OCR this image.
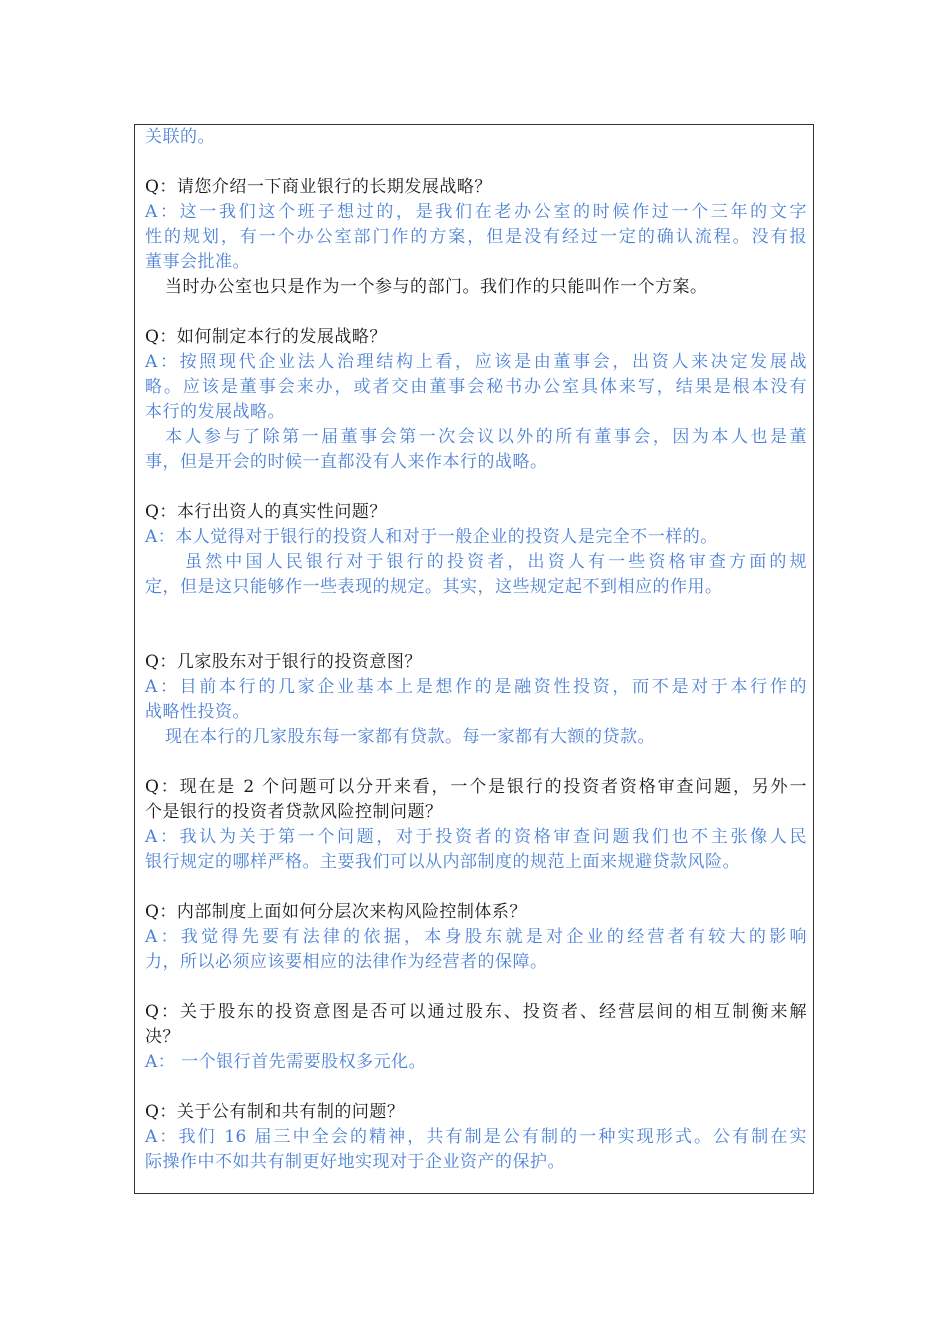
关联的。
Q：请您介绍一下商业银行的长期发展战略？
A：这一我们这个班子想过的，是我们在老办公室的时候作过一个三年的文字
性的规划，有一个办公室部门作的方案，但是没有经过一定的确认流程。没有报
董事会批准。
当时办公室也只是作为一个参与的部门。我们作的只能叫作一个方案。
Q：如何制定本行的发展战略？
A：按照现代企业法人治理结构上看，应该是由董事会，出资人来决定发展战
略。应该是董事会来办，或者交由董事会秘书办公室具体来写，结果是根本没有
本行的发展战略。
本人参与了除第一届董事会第一次会议以外的所有董事会，因为本人也是董
事，但是开会的时候一直都没有人来作本行的战略。
Q：本行出资人的真实性问题？
A：本人觉得对于银行的投资人和对于一般企业的投资人是完全不一样的。
虽然中国人民银行对于银行的投资者，出资人有一些资格审查方面的规
定，但是这只能够作一些表现的规定。其实，这些规定起不到相应的作用。
Q：几家股东对于银行的投资意图？
A：目前本行的几家企业基本上是想作的是融资性投资，而不是对于本行作的
战略性投资。
现在本行的几家股东每一家都有贷款。每一家都有大额的贷款。
Q：现在是 2 个问题可以分开来看，一个是银行的投资者资格审查问题，另外一
个是银行的投资者贷款风险控制问题？
A：我认为关于第一个问题，对于投资者的资格审查问题我们也不主张像人民
银行规定的哪样严格。主要我们可以从内部制度的规范上面来规避贷款风险。
Q：内部制度上面如何分层次来构风险控制体系？
A：我觉得先要有法律的依据，本身股东就是对企业的经营者有较大的影响
力，所以必须应该要相应的法律作为经营者的保障。
Q：关于股东的投资意图是否可以通过股东、投资者、经营层间的相互制衡来解
决？
A： 一个银行首先需要股权多元化。
Q：关于公有制和共有制的问题？
A：我们 16 届三中全会的精神，共有制是公有制的一种实现形式。公有制在实
际操作中不如共有制更好地实现对于企业资产的保护。
